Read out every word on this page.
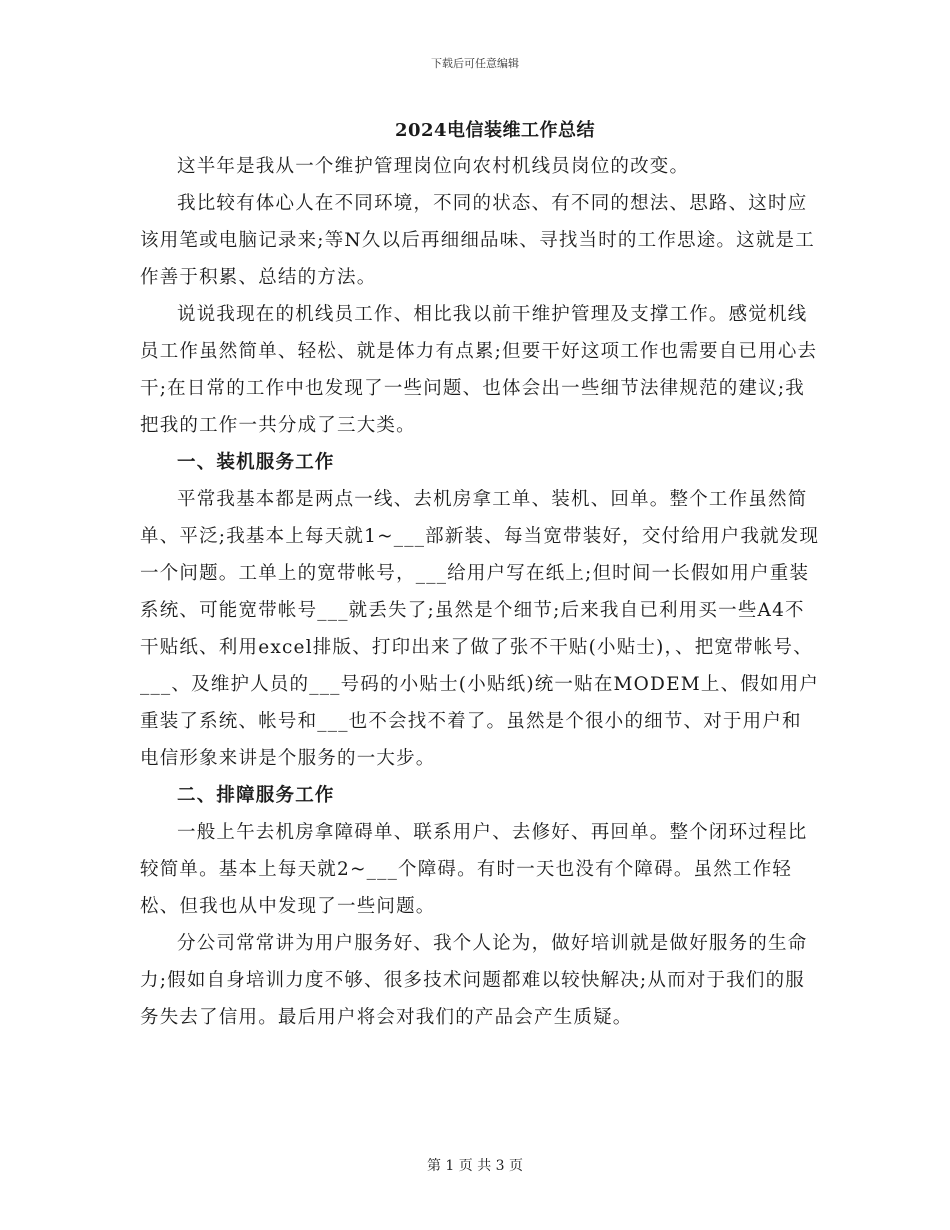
下载后可任意编辑
2024电信装维工作总结

这半年是我从一个维护管理岗位向农村机线员岗位的改变。

我比较有体心人在不同环境，不同的状态、有不同的想法、思路、这时应该用笔或电脑记录来;等N久以后再细细品味、寻找当时的工作思途。这就是工作善于积累、总结的方法。

说说我现在的机线员工作、相比我以前干维护管理及支撑工作。感觉机线员工作虽然简单、轻松、就是体力有点累;但要干好这项工作也需要自已用心去干;在日常的工作中也发现了一些问题、也体会出一些细节法律规范的建议;我把我的工作一共分成了三大类。

一、装机服务工作

平常我基本都是两点一线、去机房拿工单、装机、回单。整个工作虽然简单、平泛;我基本上每天就1~___部新装、每当宽带装好，交付给用户我就发现一个问题。工单上的宽带帐号，___给用户写在纸上;但时间一长假如用户重装系统、可能宽带帐号___就丢失了;虽然是个细节;后来我自已利用买一些A4不干贴纸、利用excel排版、打印出来了做了张不干贴(小贴士)，、把宽带帐号、___、及维护人员的___号码的小贴士(小贴纸)统一贴在MODEM上、假如用户重装了系统、帐号和___也不会找不着了。虽然是个很小的细节、对于用户和电信形象来讲是个服务的一大步。

二、排障服务工作

一般上午去机房拿障碍单、联系用户、去修好、再回单。整个闭环过程比较简单。基本上每天就2~___个障碍。有时一天也没有个障碍。虽然工作轻松、但我也从中发现了一些问题。

分公司常常讲为用户服务好、我个人论为，做好培训就是做好服务的生命力;假如自身培训力度不够、很多技术问题都难以较快解决;从而对于我们的服务失去了信用。最后用户将会对我们的产品会产生质疑。

第 1 页 共 3 页
